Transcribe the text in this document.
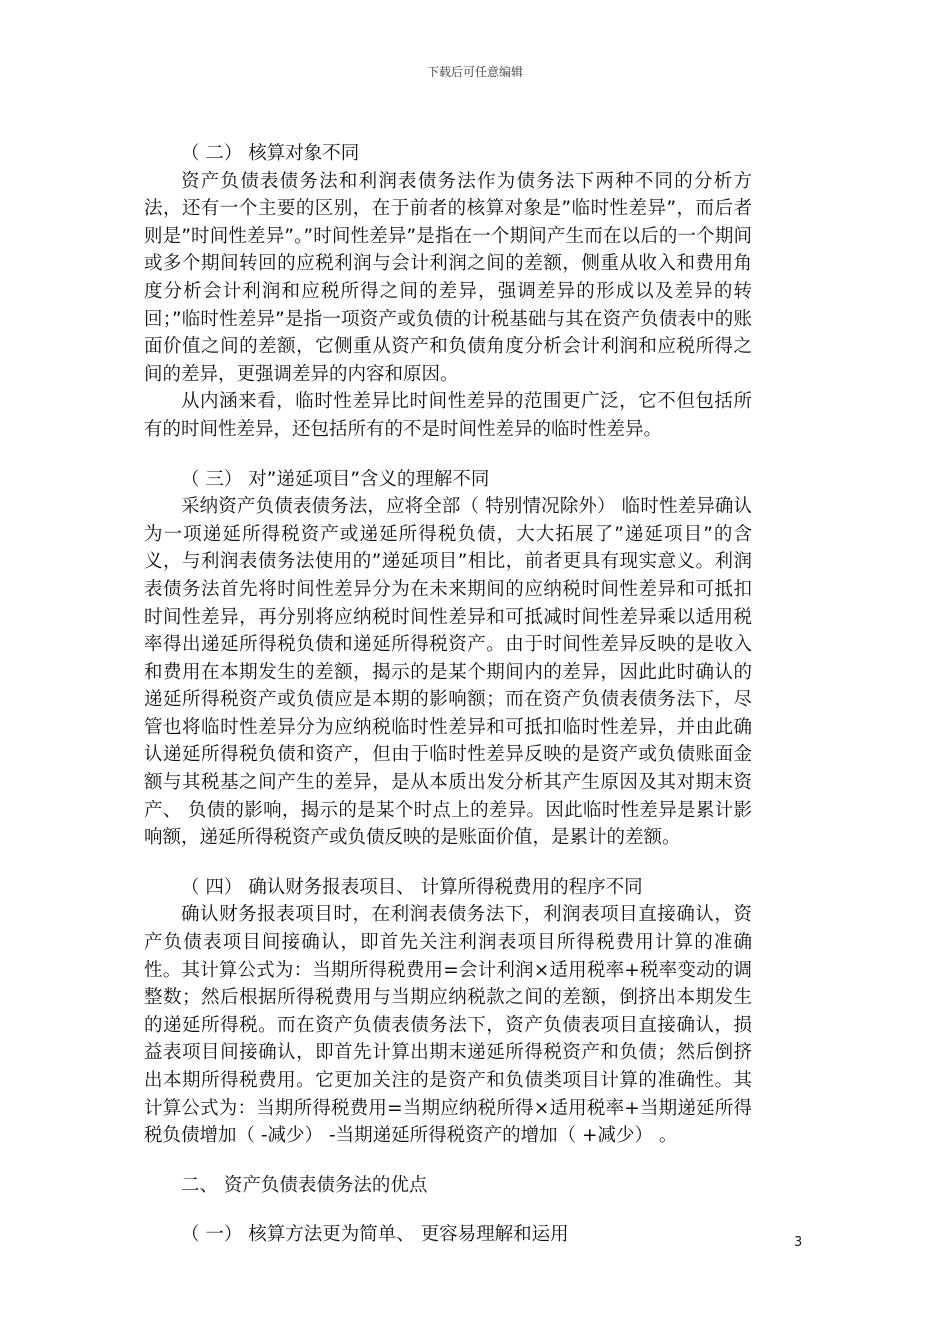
下载后可任意编辑

（ 二） 核算对象不同

资产负债表债务法和利润表债务法作为债务法下两种不同的分析方法，还有一个主要的区别，在于前者的核算对象是”临时性差异”，而后者则是”时间性差异”。”时间性差异”是指在一个期间产生而在以后的一个期间或多个期间转回的应税利润与会计利润之间的差额，侧重从收入和费用角度分析会计利润和应税所得之间的差异，强调差异的形成以及差异的转回；”临时性差异”是指一项资产或负债的计税基础与其在资产负债表中的账面价值之间的差额，它侧重从资产和负债角度分析会计利润和应税所得之间的差异，更强调差异的内容和原因。

从内涵来看，临时性差异比时间性差异的范围更广泛，它不但包括所有的时间性差异，还包括所有的不是时间性差异的临时性差异。

（ 三） 对”递延项目”含义的理解不同

采纳资产负债表债务法，应将全部（ 特别情况除外） 临时性差异确认为一项递延所得税资产或递延所得税负债，大大拓展了”递延项目”的含义，与利润表债务法使用的”递延项目”相比，前者更具有现实意义。利润表债务法首先将时间性差异分为在未来期间的应纳税时间性差异和可抵扣时间性差异，再分别将应纳税时间性差异和可抵减时间性差异乘以适用税率得出递延所得税负债和递延所得税资产。由于时间性差异反映的是收入和费用在本期发生的差额，揭示的是某个期间内的差异，因此此时确认的递延所得税资产或负债应是本期的影响额；而在资产负债表债务法下，尽管也将临时性差异分为应纳税临时性差异和可抵扣临时性差异，并由此确认递延所得税负债和资产，但由于临时性差异反映的是资产或负债账面金额与其税基之间产生的差异，是从本质出发分析其产生原因及其对期末资产、 负债的影响，揭示的是某个时点上的差异。因此临时性差异是累计影响额，递延所得税资产或负债反映的是账面价值，是累计的差额。

（ 四） 确认财务报表项目、 计算所得税费用的程序不同

确认财务报表项目时，在利润表债务法下，利润表项目直接确认，资产负债表项目间接确认，即首先关注利润表项目所得税费用计算的准确性。其计算公式为：当期所得税费用=会计利润×适用税率+税率变动的调整数；然后根据所得税费用与当期应纳税款之间的差额，倒挤出本期发生的递延所得税。而在资产负债表债务法下，资产负债表项目直接确认，损益表项目间接确认，即首先计算出期末递延所得税资产和负债；然后倒挤出本期所得税费用。它更加关注的是资产和负债类项目计算的准确性。其计算公式为：当期所得税费用=当期应纳税所得×适用税率+当期递延所得税负债增加（ -减少） -当期递延所得税资产的增加（ +减少） 。

二、 资产负债表债务法的优点

（ 一） 核算方法更为简单、 更容易理解和运用	3
